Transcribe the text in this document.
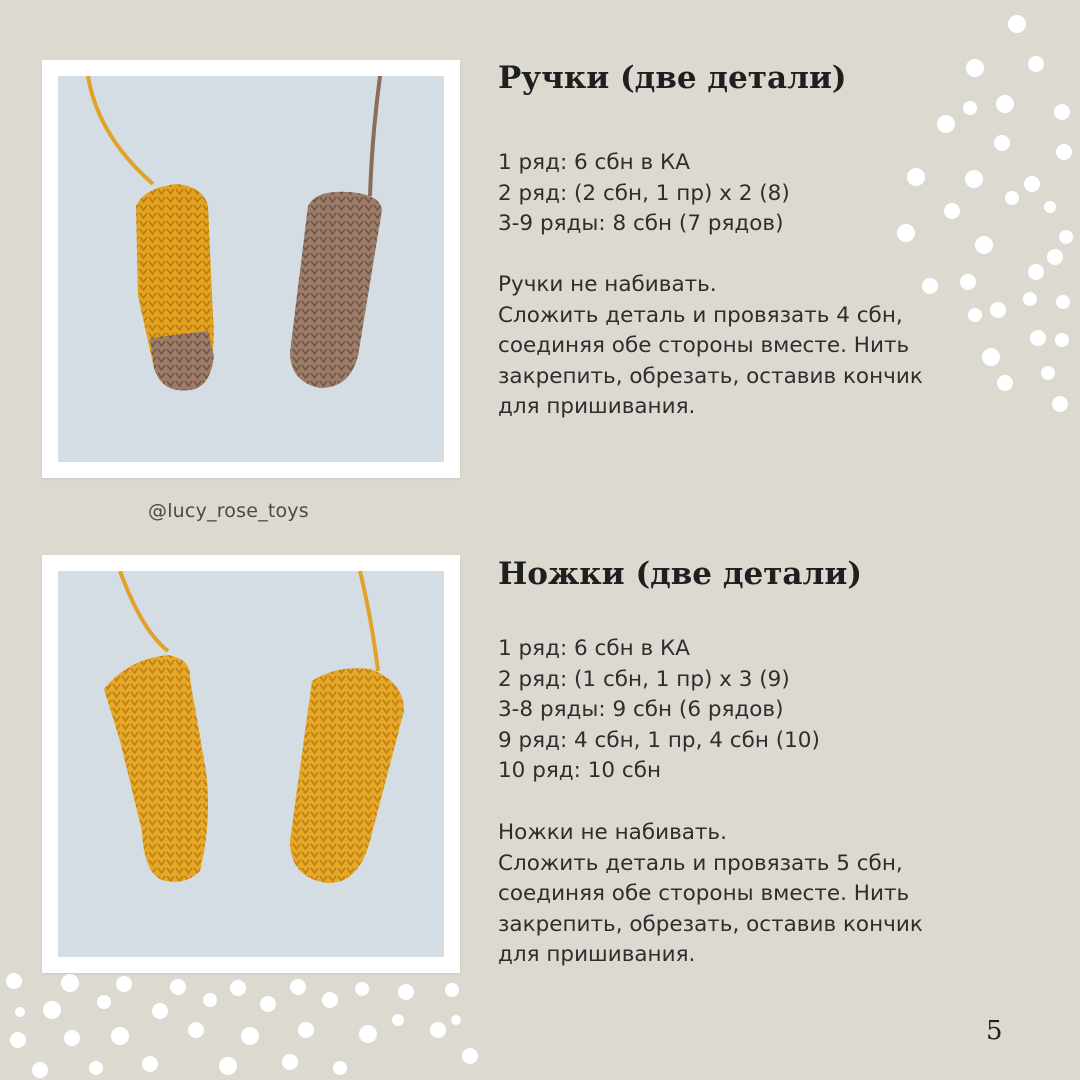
@lucy_rose_toys
Ручки (две детали)
1 ряд: 6 сбн в КА
2 ряд: (2 сбн, 1 пр) х 2 (8)
3-9 ряды: 8 сбн (7 рядов)
Ручки не набивать.
Сложить деталь и провязать 4 сбн,
соединяя обе стороны вместе. Нить
закрепить, обрезать, оставив кончик
для пришивания.
Ножки (две детали)
1 ряд: 6 сбн в КА
2 ряд: (1 сбн, 1 пр) х 3 (9)
3-8 ряды: 9 сбн (6 рядов)
9 ряд: 4 сбн, 1 пр, 4 сбн (10)
10 ряд: 10 сбн
Ножки не набивать.
Сложить деталь и провязать 5 сбн,
соединяя обе стороны вместе. Нить
закрепить, обрезать, оставив кончик
для пришивания.
5
